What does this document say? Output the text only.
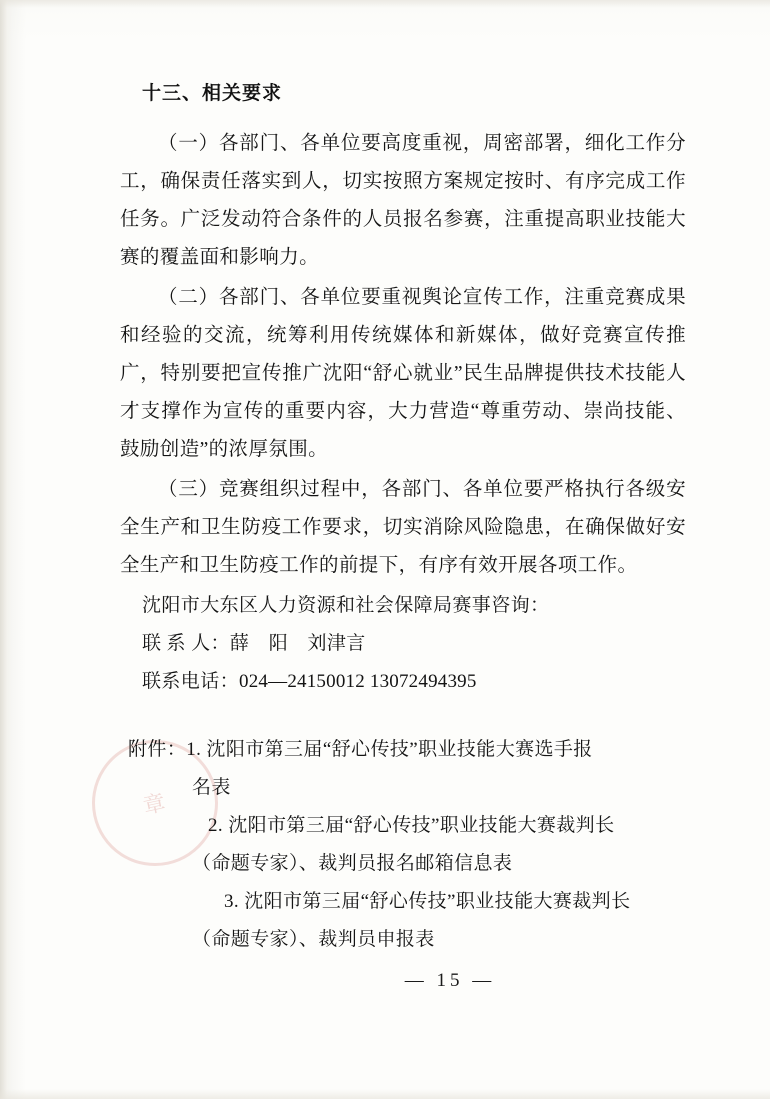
章
十三、相关要求

（一）各部门、各单位要高度重视，周密部署，细化工作分工，确保责任落实到人，切实按照方案规定按时、有序完成工作任务。广泛发动符合条件的人员报名参赛，注重提高职业技能大赛的覆盖面和影响力。

（二）各部门、各单位要重视舆论宣传工作，注重竞赛成果和经验的交流，统筹利用传统媒体和新媒体，做好竞赛宣传推广，特别要把宣传推广沈阳“舒心就业”民生品牌提供技术技能人才支撑作为宣传的重要内容，大力营造“尊重劳动、崇尚技能、鼓励创造”的浓厚氛围。

（三）竞赛组织过程中，各部门、各单位要严格执行各级安全生产和卫生防疫工作要求，切实消除风险隐患，在确保做好安全生产和卫生防疫工作的前提下，有序有效开展各项工作。

沈阳市大东区人力资源和社会保障局赛事咨询：
联 系 人：薛　阳　刘津言
联系电话：024—24150012 13072494395
附件：1. 沈阳市第三届“舒心传技”职业技能大赛选手报
名表
2. 沈阳市第三届“舒心传技”职业技能大赛裁判长
（命题专家）、裁判员报名邮箱信息表
3. 沈阳市第三届“舒心传技”职业技能大赛裁判长
（命题专家）、裁判员申报表
— 15 —
